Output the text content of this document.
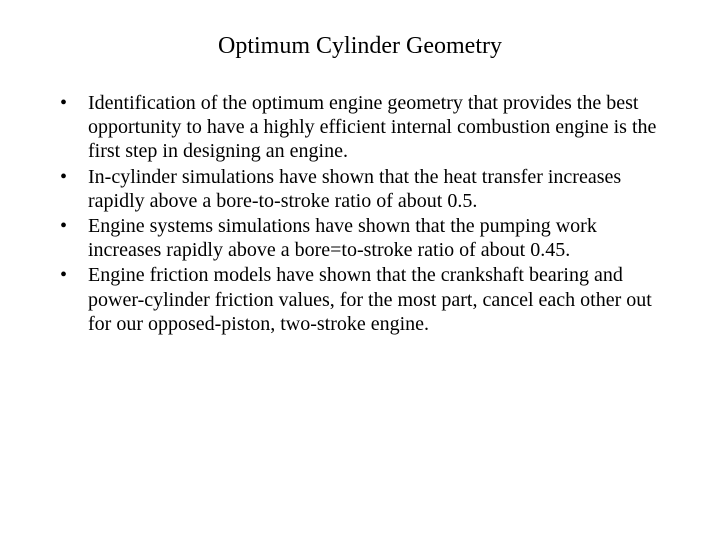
Optimum Cylinder Geometry
•	Identification of the optimum engine geometry that provides the best opportunity to have a highly efficient internal combustion engine is the first step in designing an engine.
•	In-cylinder simulations have shown that the heat transfer increases rapidly above a bore-to-stroke ratio of about 0.5.
•	Engine systems simulations have shown that the pumping work increases rapidly above a bore=to-stroke ratio of about 0.45.
•	Engine friction models have shown that the crankshaft bearing and power-cylinder friction values, for the most part, cancel each other out for our opposed-piston, two-stroke engine.
